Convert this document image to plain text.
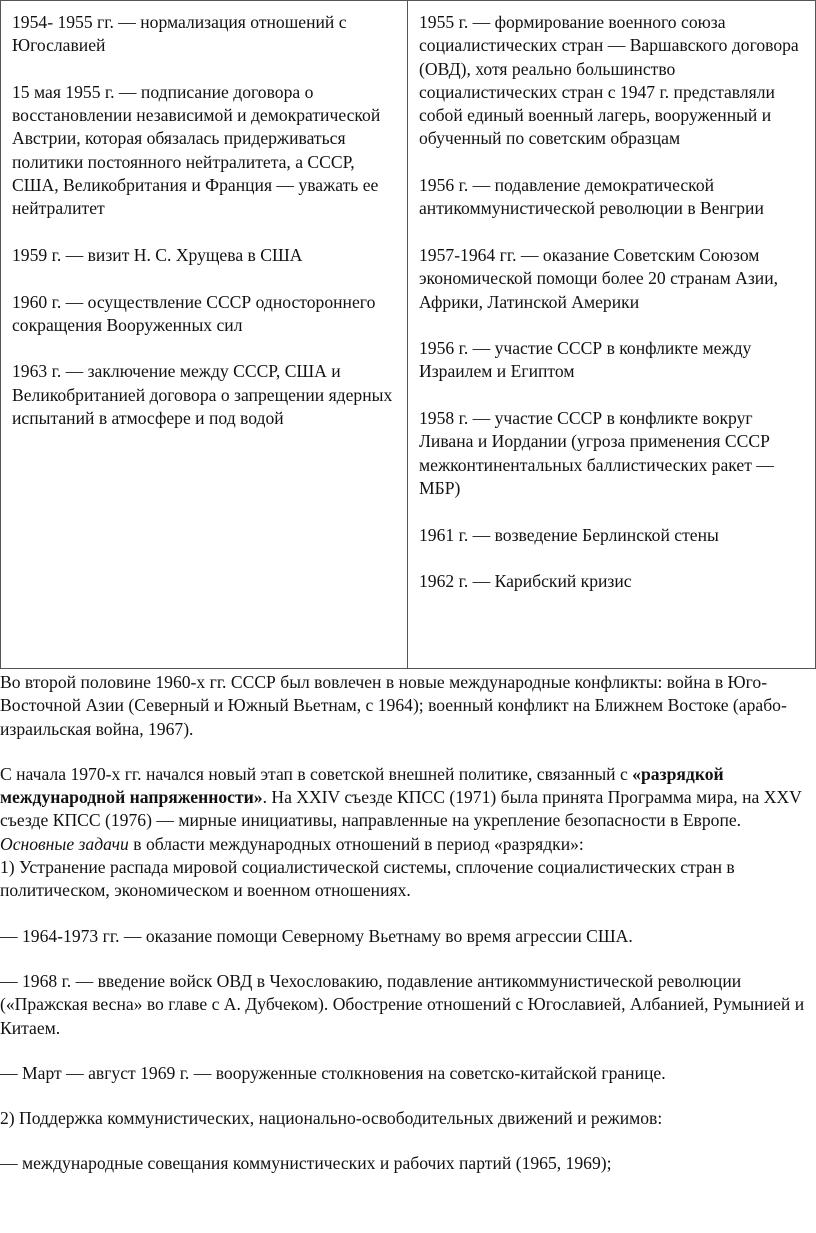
1954- 1955 гг. — нормализация отношений с Югославией

15 мая 1955 г. — подписание договора о восстановлении независимой и демократической Австрии, которая обязалась придерживаться политики постоянного нейтралитета, а СССР, США, Великобритания и Франция — уважать ее нейтралитет

1959 г. — визит Н. С. Хрущева в США

1960 г. — осуществление СССР одностороннего сокращения Вооруженных сил

1963 г. — заключение между СССР, США и Великобританией договора о запрещении ядерных испытаний в атмосфере и под водой

1955 г. — формирование военного союза социалистических стран — Варшавского договора (ОВД), хотя реально большинство социалистических стран с 1947 г. представляли собой единый военный лагерь, вооруженный и обученный по советским образцам

1956 г. — подавление демократической антикоммунистической революции в Венгрии

1957-1964 гг. — оказание Советским Союзом экономической помощи более 20 странам Азии, Африки, Латинской Америки

1956 г. — участие СССР в конфликте между Израилем и Египтом

1958 г. — участие СССР в конфликте вокруг Ливана и Иордании (угроза применения СССР межконтинентальных баллистических ракет — МБР)

1961 г. — возведение Берлинской стены

1962 г. — Карибский кризис

Во второй половине 1960-х гг. СССР был вовлечен в новые международные конфликты: война в Юго-Восточной Азии (Северный и Южный Вьетнам, с 1964); военный конфликт на Ближнем Востоке (арабо-израильская война, 1967).

С начала 1970-х гг. начался новый этап в советской внешней политике, связанный с «разрядкой международной напряженности». На XXIV съезде КПСС (1971) была принята Программа мира, на XXV съезде КПСС (1976) — мирные инициативы, направленные на укрепление безопасности в Европе. Основные задачи в области международных отношений в период «разрядки»:

1) Устранение распада мировой социалистической системы, сплочение социалистических стран в политическом, экономическом и военном отношениях.

— 1964-1973 гг. — оказание помощи Северному Вьетнаму во время агрессии США.

— 1968 г. — введение войск ОВД в Чехословакию, подавление антикоммунистической революции («Пражская весна» во главе с А. Дубчеком). Обострение отношений с Югославией, Албанией, Румынией и Китаем.

— Март — август 1969 г. — вооруженные столкновения на советско-китайской границе.

2) Поддержка коммунистических, национально-освободительных движений и режимов:

— международные совещания коммунистических и рабочих партий (1965, 1969);
